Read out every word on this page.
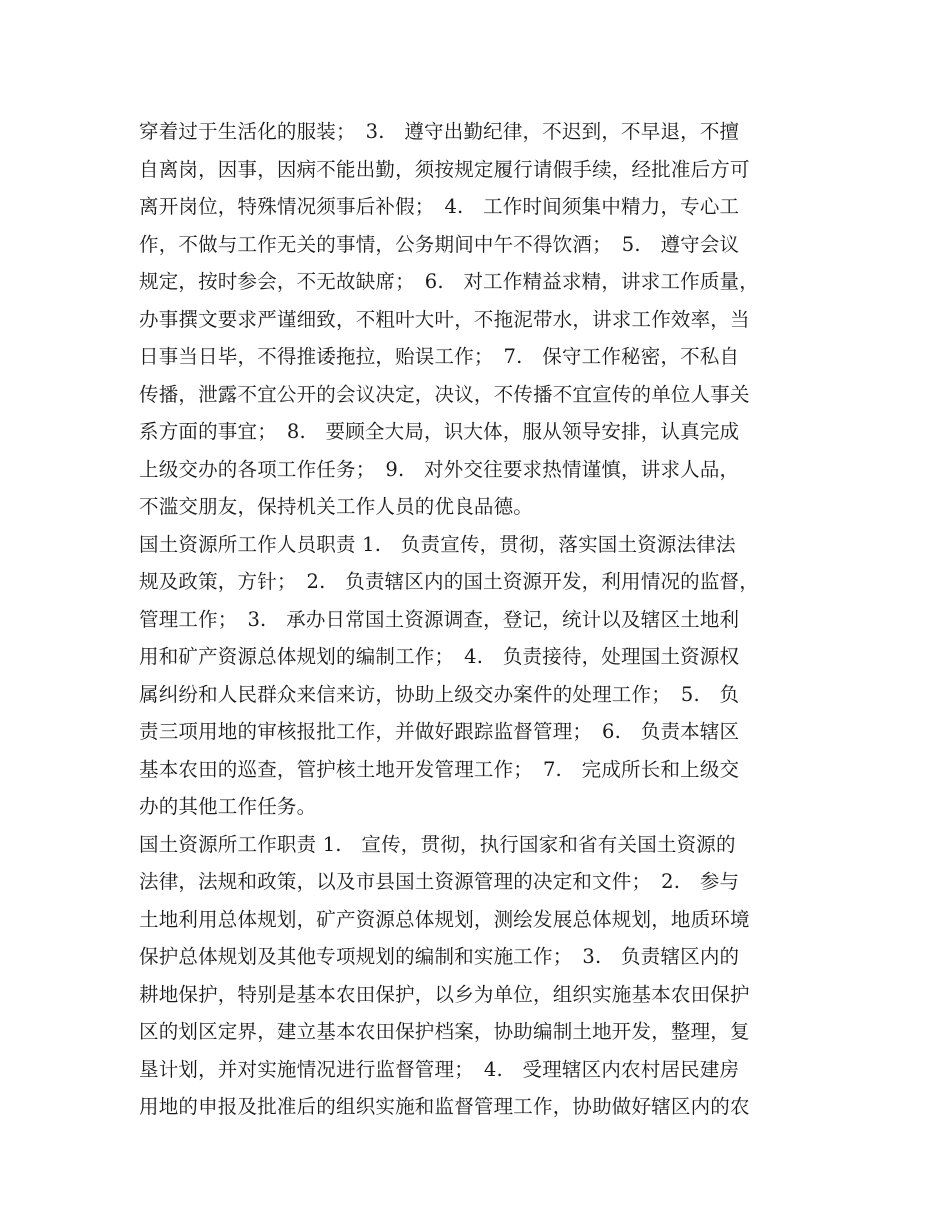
穿着过于生活化的服装；　3.　遵守出勤纪律，不迟到，不早退，不擅
自离岗，因事，因病不能出勤，须按规定履行请假手续，经批准后方可
离开岗位，特殊情况须事后补假；　4.　工作时间须集中精力，专心工
作，不做与工作无关的事情，公务期间中午不得饮酒；　5.　遵守会议
规定，按时参会，不无故缺席；　6.　对工作精益求精，讲求工作质量，
办事撰文要求严谨细致，不粗叶大叶，不拖泥带水，讲求工作效率，当
日事当日毕，不得推诿拖拉，贻误工作；　7.　保守工作秘密，不私自
传播，泄露不宜公开的会议决定，决议，不传播不宜宣传的单位人事关
系方面的事宜；　8.　要顾全大局，识大体，服从领导安排，认真完成
上级交办的各项工作任务；　9.　对外交往要求热情谨慎，讲求人品，
不滥交朋友，保持机关工作人员的优良品德。
国土资源所工作人员职责 1.　负责宣传，贯彻，落实国土资源法律法
规及政策，方针；　2.　负责辖区内的国土资源开发，利用情况的监督，
管理工作；　3.　承办日常国土资源调查，登记，统计以及辖区土地利
用和矿产资源总体规划的编制工作；　4.　负责接待，处理国土资源权
属纠纷和人民群众来信来访，协助上级交办案件的处理工作；　5.　负
责三项用地的审核报批工作，并做好跟踪监督管理；　6.　负责本辖区
基本农田的巡查，管护核土地开发管理工作；　7.　完成所长和上级交
办的其他工作任务。
国土资源所工作职责 1.　宣传，贯彻，执行国家和省有关国土资源的
法律，法规和政策，以及市县国土资源管理的决定和文件；　2.　参与
土地利用总体规划，矿产资源总体规划，测绘发展总体规划，地质环境
保护总体规划及其他专项规划的编制和实施工作；　3.　负责辖区内的
耕地保护，特别是基本农田保护，以乡为单位，组织实施基本农田保护
区的划区定界，建立基本农田保护档案，协助编制土地开发，整理，复
垦计划，并对实施情况进行监督管理；　4.　受理辖区内农村居民建房
用地的申报及批准后的组织实施和监督管理工作，协助做好辖区内的农
